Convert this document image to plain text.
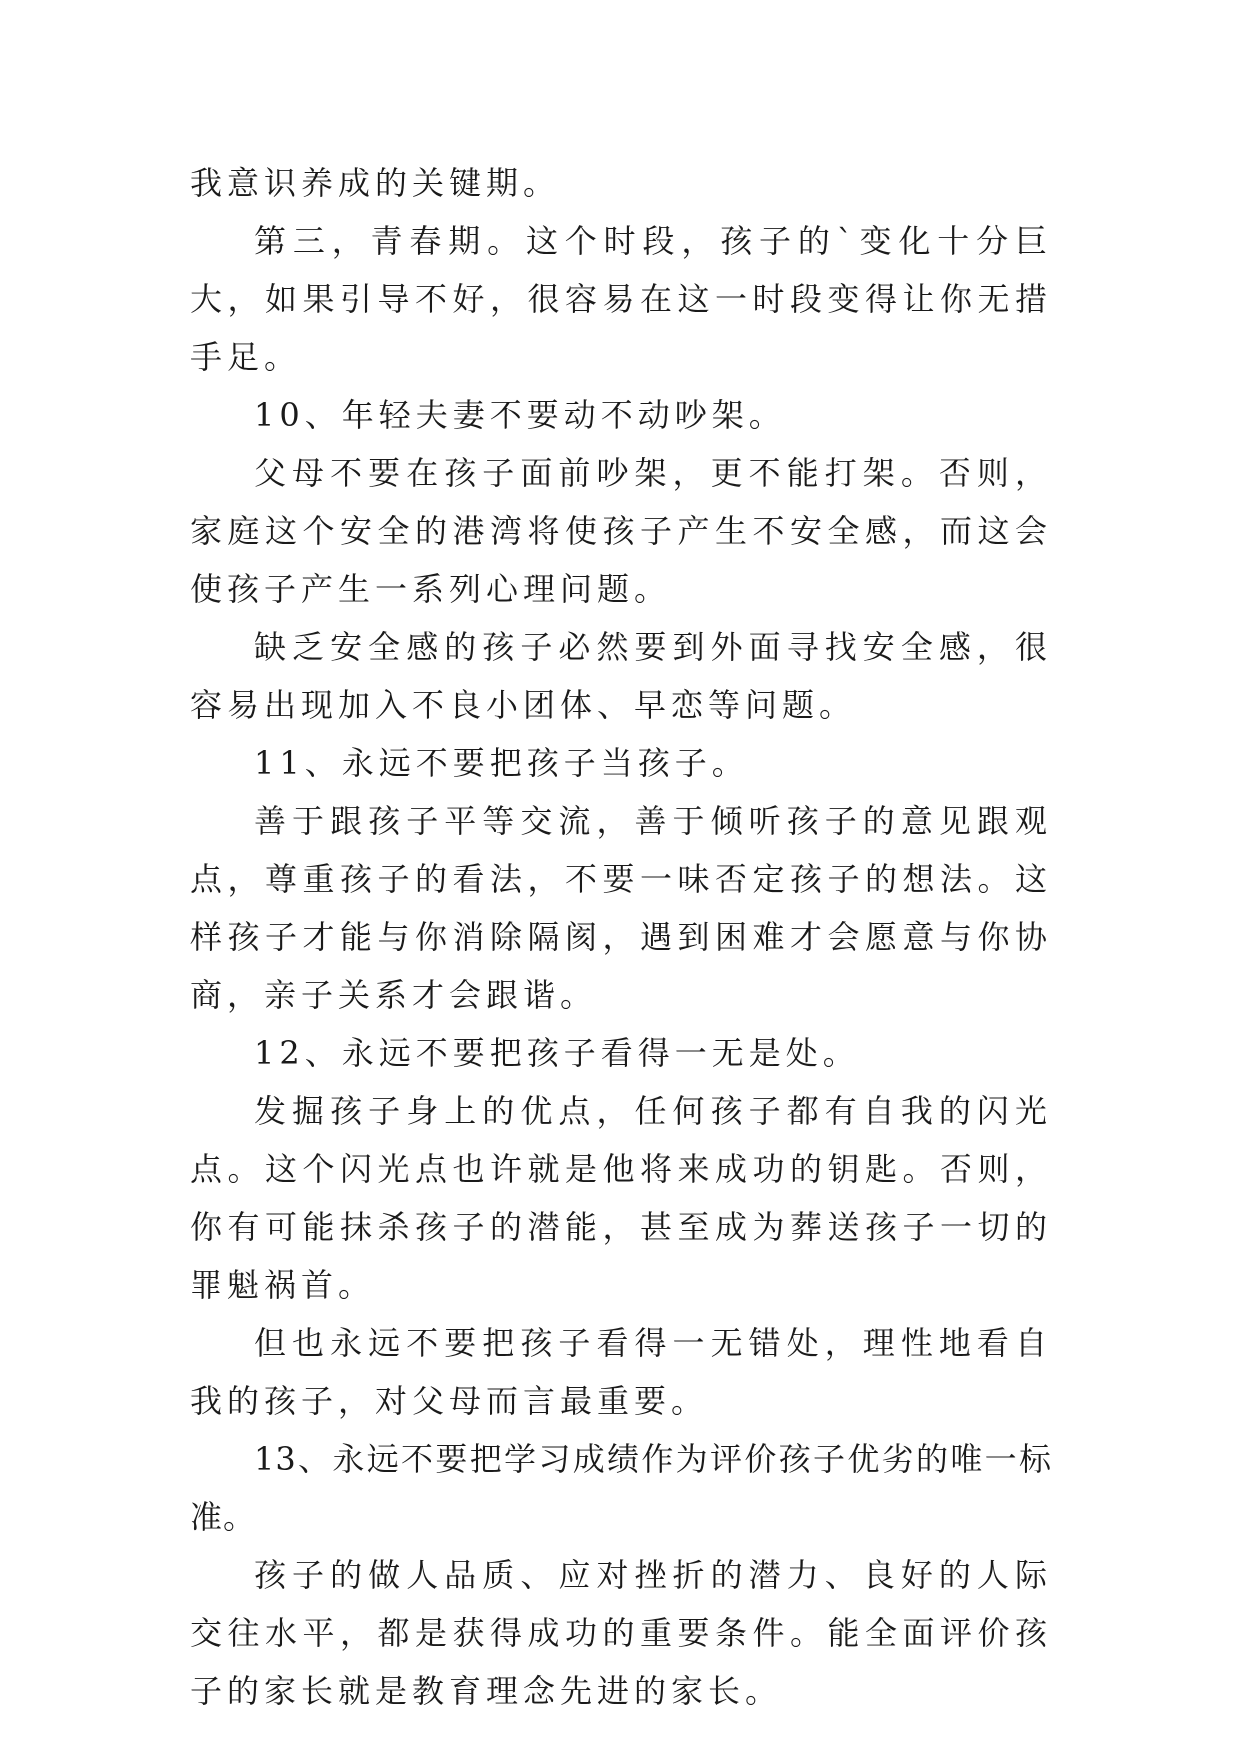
我意识养成的关键期。

第三，青春期。这个时段，孩子的`变化十分巨大，如果引导不好，很容易在这一时段变得让你无措手足。

10、年轻夫妻不要动不动吵架。

父母不要在孩子面前吵架，更不能打架。否则，家庭这个安全的港湾将使孩子产生不安全感，而这会使孩子产生一系列心理问题。

缺乏安全感的孩子必然要到外面寻找安全感，很容易出现加入不良小团体、早恋等问题。

11、永远不要把孩子当孩子。

善于跟孩子平等交流，善于倾听孩子的意见跟观点，尊重孩子的看法，不要一味否定孩子的想法。这样孩子才能与你消除隔阂，遇到困难才会愿意与你协商，亲子关系才会跟谐。

12、永远不要把孩子看得一无是处。

发掘孩子身上的优点，任何孩子都有自我的闪光点。这个闪光点也许就是他将来成功的钥匙。否则，你有可能抹杀孩子的潜能，甚至成为葬送孩子一切的罪魁祸首。

但也永远不要把孩子看得一无错处，理性地看自我的孩子，对父母而言最重要。

13、永远不要把学习成绩作为评价孩子优劣的唯一标准。

孩子的做人品质、应对挫折的潜力、良好的人际交往水平，都是获得成功的重要条件。能全面评价孩子的家长就是教育理念先进的家长。
